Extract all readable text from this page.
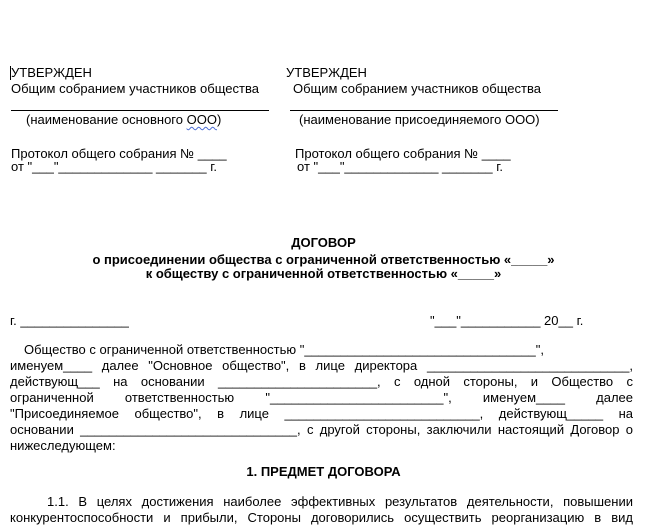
УТВЕРЖДЕН
Общим собранием участников общества
(наименование основного ООО)
Протокол общего собрания № ____
от "___"_____________ _______ г.
УТВЕРЖДЕН
Общим собранием участников общества
(наименование присоединяемого ООО)
Протокол общего собрания № ____
от "___"_____________ _______ г.
ДОГОВОР
о присоединении общества с ограниченной ответственностью «_____»
к обществу с ограниченной ответственностью «_____»
г. _______________	"___"___________ 20__ г.
Общество с ограниченной ответственностью "________________________________",
именуем____ далее "Основное общество", в лице директора ____________________________,
действующ___ на основании ______________________, с одной стороны, и Общество с
ограниченной ответственностью "________________________", именуем____ далее
"Присоединяемое общество", в лице ___________________________, действующ_____ на
основании ______________________________, с другой стороны, заключили настоящий Договор о
нижеследующем:
1. ПРЕДМЕТ ДОГОВОРА
1.1. В целях достижения наиболее эффективных результатов деятельности, повышении
конкурентоспособности и прибыли, Стороны договорились осуществить реорганизацию в вид
